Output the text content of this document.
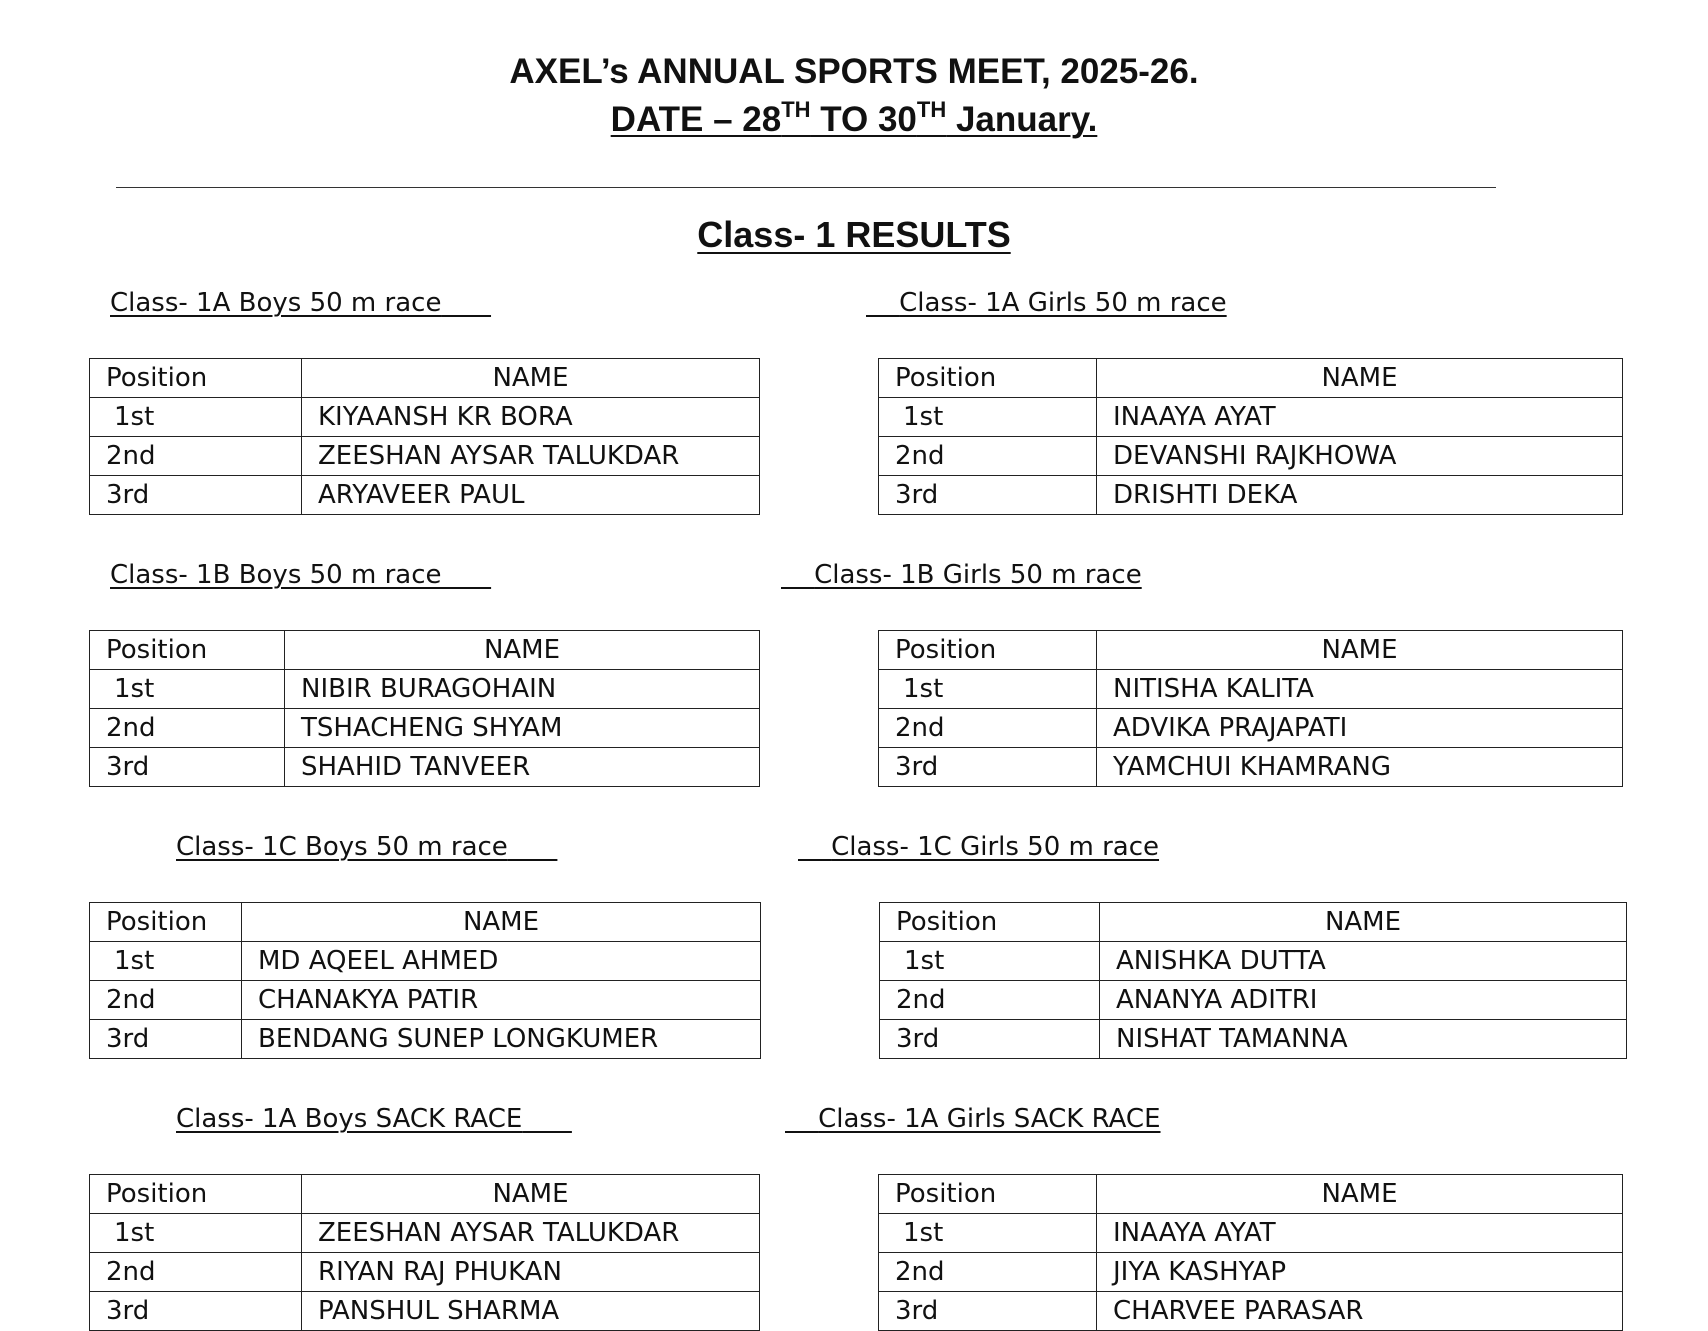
AXEL’s ANNUAL SPORTS MEET, 2025-26.
DATE – 28TH TO 30TH January.
Class- 1 RESULTS
Class- 1A Boys 50 m race
Position	NAME
1st	KIYAANSH KR BORA
2nd	ZEESHAN AYSAR TALUKDAR
3rd	ARYAVEER PAUL
Class- 1A Girls 50 m race
Position	NAME
1st	INAAYA AYAT
2nd	DEVANSHI RAJKHOWA
3rd	DRISHTI DEKA
Class- 1B Boys 50 m race
Position	NAME
1st	NIBIR BURAGOHAIN
2nd	TSHACHENG SHYAM
3rd	SHAHID TANVEER
Class- 1B Girls 50 m race
Position	NAME
1st	NITISHA KALITA
2nd	ADVIKA PRAJAPATI
3rd	YAMCHUI KHAMRANG
Class- 1C Boys 50 m race
Position	NAME
1st	MD AQEEL AHMED
2nd	CHANAKYA PATIR
3rd	BENDANG SUNEP LONGKUMER
Class- 1C Girls 50 m race
Position	NAME
1st	ANISHKA DUTTA
2nd	ANANYA ADITRI
3rd	NISHAT TAMANNA
Class- 1A Boys SACK RACE
Position	NAME
1st	ZEESHAN AYSAR TALUKDAR
2nd	RIYAN RAJ PHUKAN
3rd	PANSHUL SHARMA
Class- 1A Girls SACK RACE
Position	NAME
1st	INAAYA AYAT
2nd	JIYA KASHYAP
3rd	CHARVEE PARASAR
